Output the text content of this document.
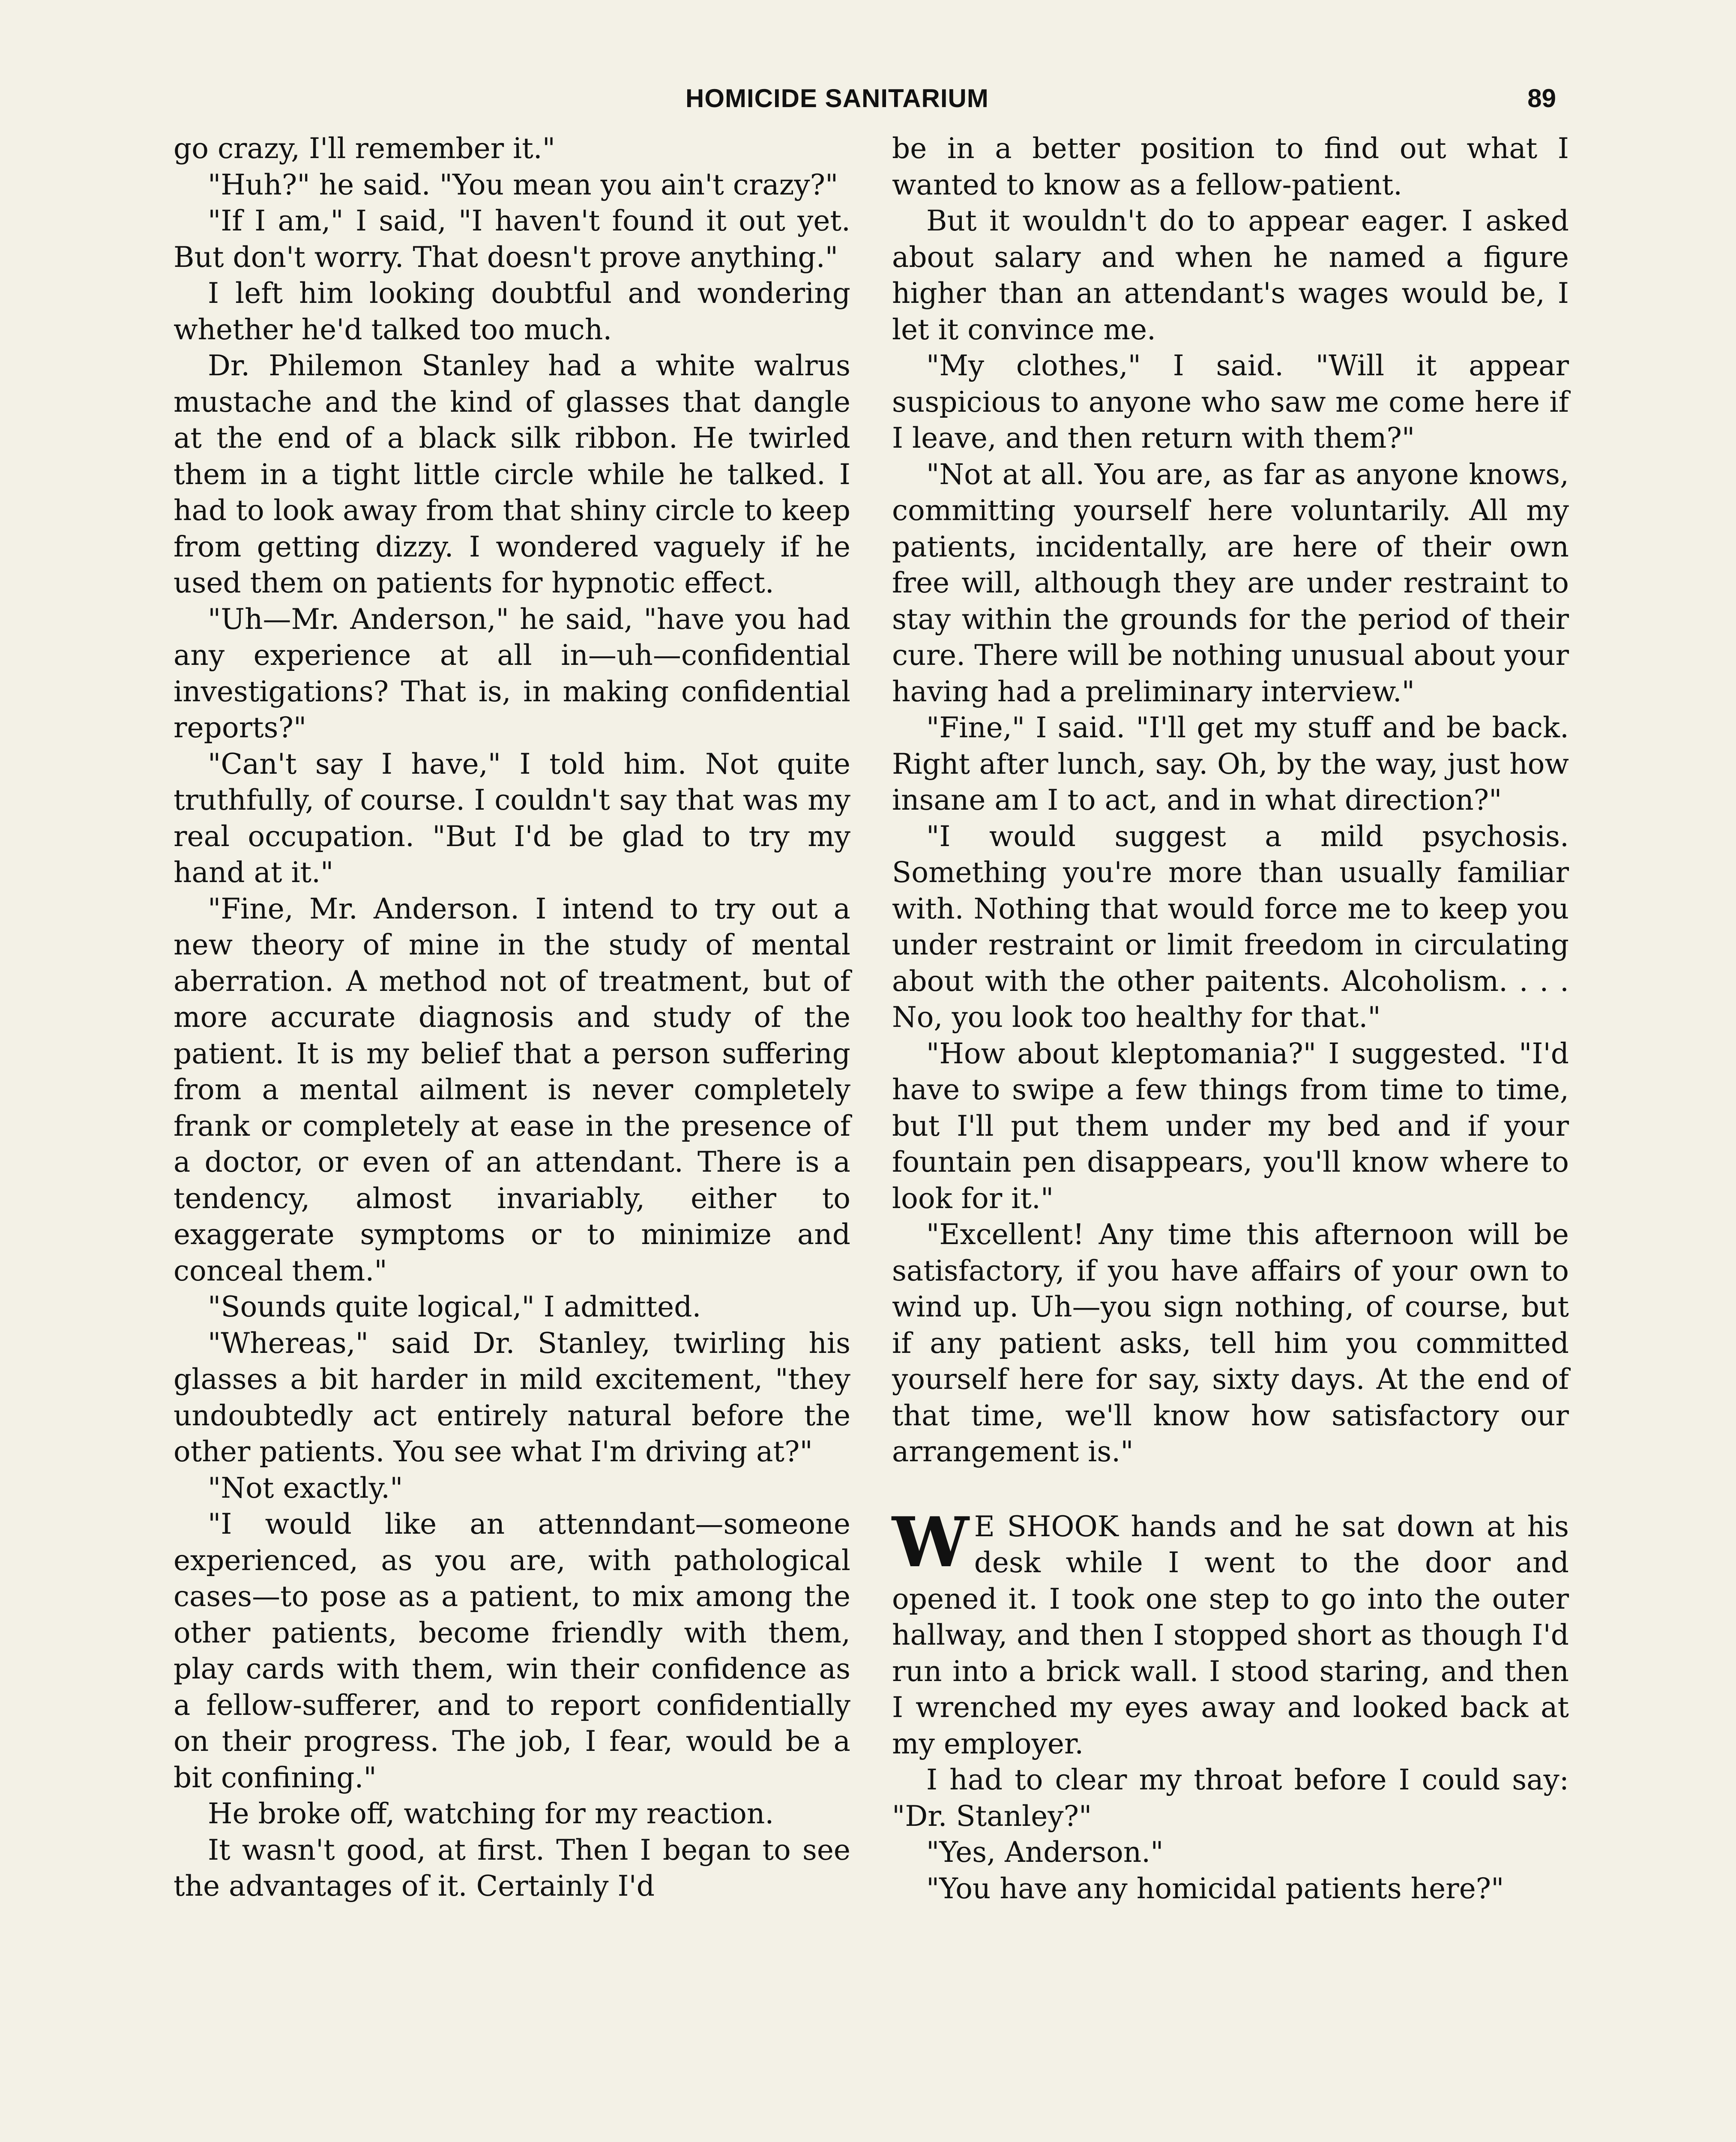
HOMICIDE SANITARIUM	89

go crazy, I'll remember it."

"Huh?" he said. "You mean you ain't crazy?"

"If I am," I said, "I haven't found it out yet. But don't worry. That doesn't prove anything."

I left him looking doubtful and wondering whether he'd talked too much.

Dr. Philemon Stanley had a white walrus mustache and the kind of glasses that dangle at the end of a black silk ribbon. He twirled them in a tight little circle while he talked. I had to look away from that shiny circle to keep from getting dizzy. I wondered vaguely if he used them on patients for hypnotic effect.

"Uh—Mr. Anderson," he said, "have you had any experience at all in—uh—confidential investigations? That is, in making confidential reports?"

"Can't say I have," I told him. Not quite truthfully, of course. I couldn't say that was my real occupation. "But I'd be glad to try my hand at it."

"Fine, Mr. Anderson. I intend to try out a new theory of mine in the study of mental aberration. A method not of treatment, but of more accurate diagnosis and study of the patient. It is my belief that a person suffering from a mental ailment is never completely frank or completely at ease in the presence of a doctor, or even of an attendant. There is a tendency, almost invariably, either to exaggerate symptoms or to minimize and conceal them."

"Sounds quite logical," I admitted.

"Whereas," said Dr. Stanley, twirling his glasses a bit harder in mild excitement, "they undoubtedly act entirely natural before the other patients. You see what I'm driving at?"

"Not exactly."

"I would like an attenndant—someone experienced, as you are, with pathological cases—to pose as a patient, to mix among the other patients, become friendly with them, play cards with them, win their confidence as a fellow-sufferer, and to report confidentially on their progress. The job, I fear, would be a bit confining."

He broke off, watching for my reaction.

It wasn't good, at first. Then I began to see the advantages of it. Certainly I'd

be in a better position to find out what I wanted to know as a fellow-patient.

But it wouldn't do to appear eager. I asked about salary and when he named a figure higher than an attendant's wages would be, I let it convince me.

"My clothes," I said. "Will it appear suspicious to anyone who saw me come here if I leave, and then return with them?"

"Not at all. You are, as far as anyone knows, committing yourself here voluntarily. All my patients, incidentally, are here of their own free will, although they are under restraint to stay within the grounds for the period of their cure. There will be nothing unusual about your having had a preliminary interview."

"Fine," I said. "I'll get my stuff and be back. Right after lunch, say. Oh, by the way, just how insane am I to act, and in what direction?"

"I would suggest a mild psychosis. Something you're more than usually familiar with. Nothing that would force me to keep you under restraint or limit freedom in circulating about with the other paitents. Alcoholism. . . . No, you look too healthy for that."

"How about kleptomania?" I suggested. "I'd have to swipe a few things from time to time, but I'll put them under my bed and if your fountain pen disappears, you'll know where to look for it."

"Excellent! Any time this afternoon will be satisfactory, if you have affairs of your own to wind up. Uh—you sign nothing, of course, but if any patient asks, tell him you committed yourself here for say, sixty days. At the end of that time, we'll know how satisfactory our arrangement is."

W E SHOOK hands and he sat down at his desk while I went to the door and opened it. I took one step to go into the outer hallway, and then I stopped short as though I'd run into a brick wall. I stood staring, and then I wrenched my eyes away and looked back at my employer.

I had to clear my throat before I could say: "Dr. Stanley?"

"Yes, Anderson."

"You have any homicidal patients here?"
